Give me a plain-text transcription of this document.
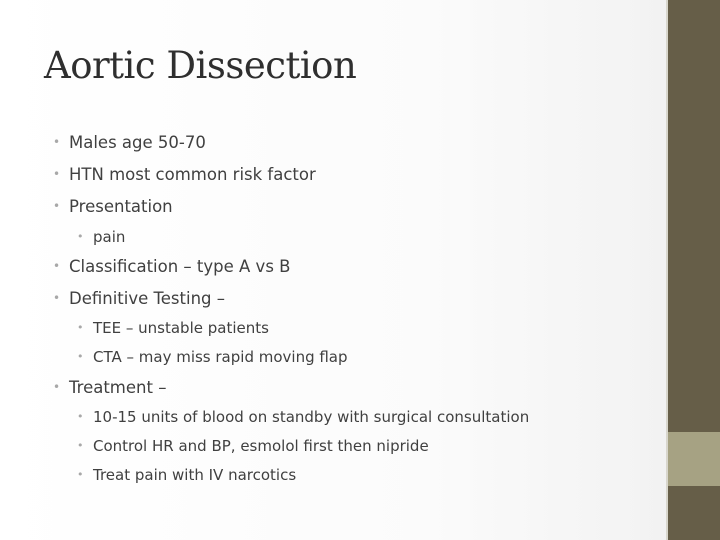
Aortic Dissection
• Males age 50-70
• HTN most common risk factor
• Presentation
• pain
• Classification – type A vs B
• Definitive Testing –
• TEE – unstable patients
• CTA – may miss rapid moving flap
• Treatment –
• 10-15 units of blood on standby with surgical consultation
• Control HR and BP, esmolol first then nipride
• Treat pain with IV narcotics
